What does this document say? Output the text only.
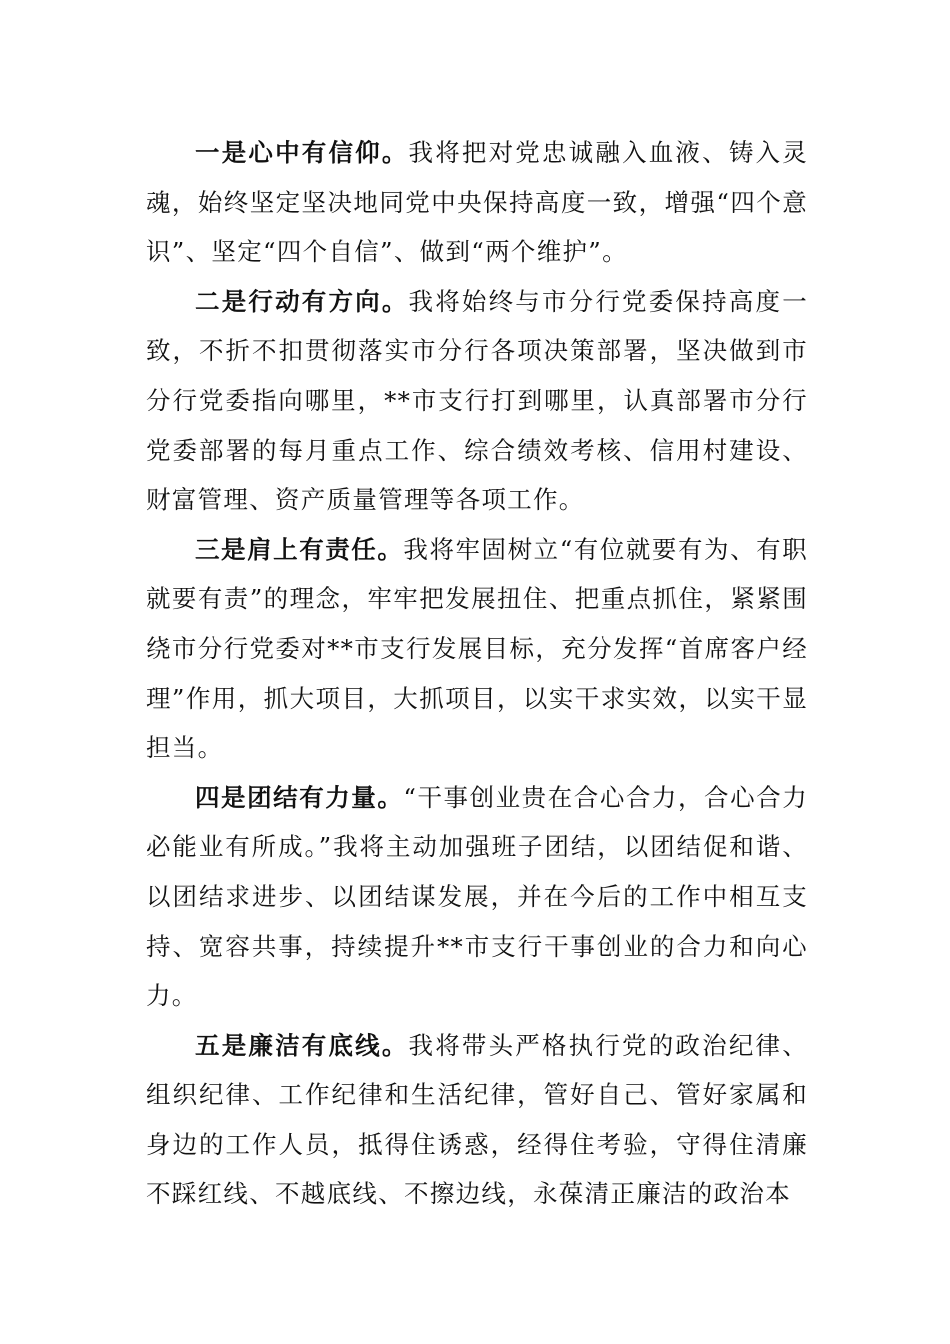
一是心中有信仰。我将把对党忠诚融入血液、铸入灵魂，始终坚定坚决地同党中央保持高度一致，增强“四个意识”、坚定“四个自信”、做到“两个维护”。

二是行动有方向。我将始终与市分行党委保持高度一致，不折不扣贯彻落实市分行各项决策部署，坚决做到市分行党委指向哪里，**市支行打到哪里，认真部署市分行党委部署的每月重点工作、综合绩效考核、信用村建设、财富管理、资产质量管理等各项工作。

三是肩上有责任。我将牢固树立“有位就要有为、有职就要有责”的理念，牢牢把发展扭住、把重点抓住，紧紧围绕市分行党委对**市支行发展目标，充分发挥“首席客户经理”作用，抓大项目，大抓项目，以实干求实效，以实干显担当。

四是团结有力量。“干事创业贵在合心合力，合心合力必能业有所成。”我将主动加强班子团结，以团结促和谐、以团结求进步、以团结谋发展，并在今后的工作中相互支持、宽容共事，持续提升**市支行干事创业的合力和向心力。

五是廉洁有底线。我将带头严格执行党的政治纪律、组织纪律、工作纪律和生活纪律，管好自己、管好家属和身边的工作人员，抵得住诱惑，经得住考验，守得住清廉不踩红线、不越底线、不擦边线，永葆清正廉洁的政治本
